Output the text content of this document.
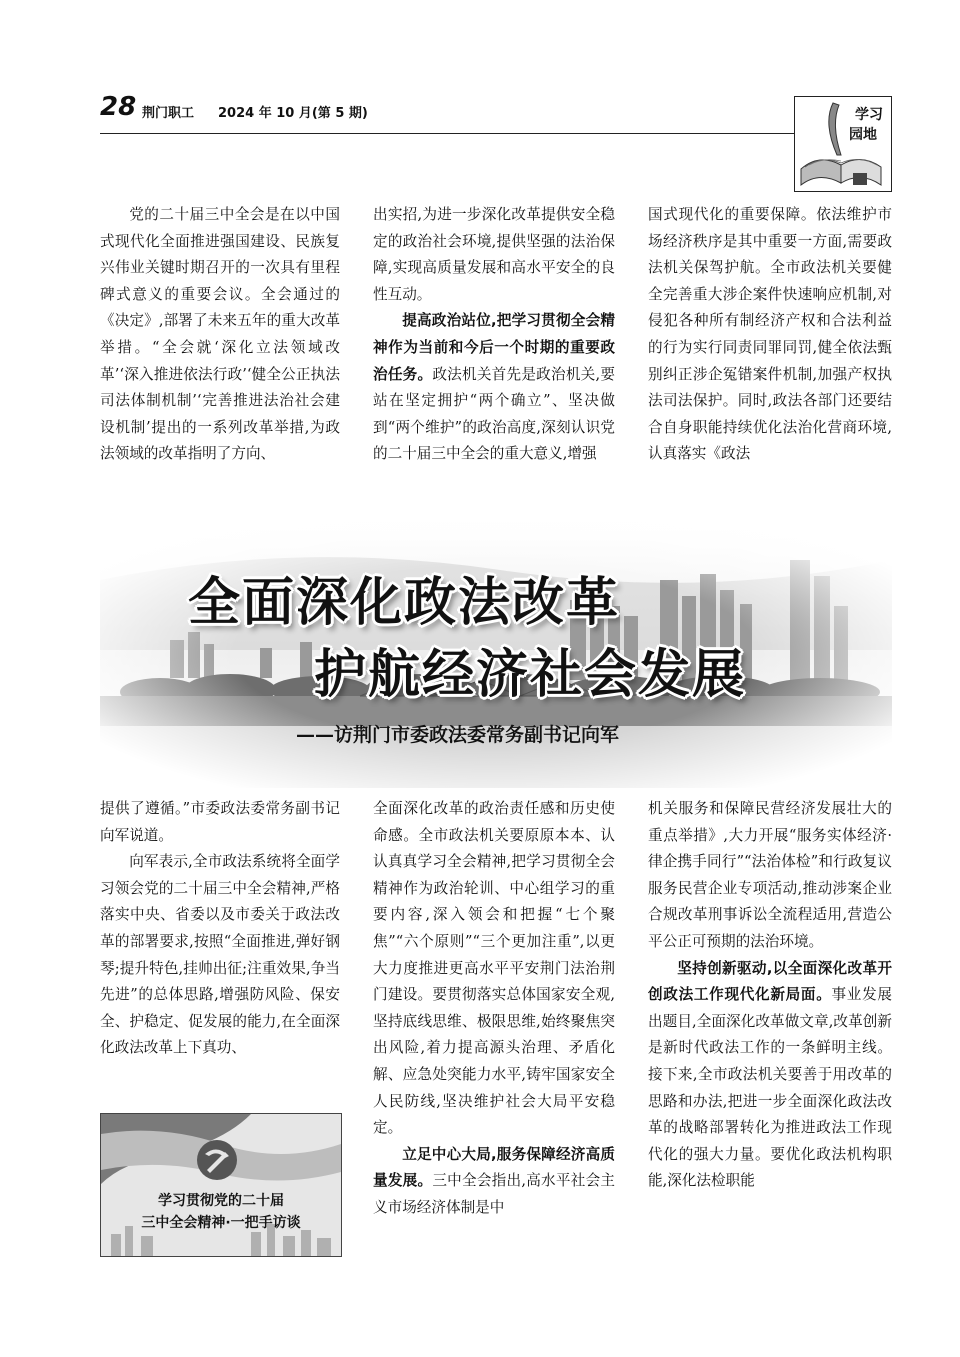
28 荆门职工 2024 年 10 月(第 5 期)	学习
园地

党的二十届三中全会是在以中国式现代化全面推进强国建设、民族复兴伟业关键时期召开的一次具有里程碑式意义的重要会议。全会通过的《决定》,部署了未来五年的重大改革举措。“全会就‘深化立法领域改革’‘深入推进依法行政’‘健全公正执法司法体制机制’‘完善推进法治社会建设机制’提出的一系列改革举措,为政法领域的改革指明了方向、

出实招,为进一步深化改革提供安全稳定的政治社会环境,提供坚强的法治保障,实现高质量发展和高水平安全的良性互动。

提高政治站位,把学习贯彻全会精神作为当前和今后一个时期的重要政治任务。政法机关首先是政治机关,要站在坚定拥护“两个确立”、坚决做到“两个维护”的政治高度,深刻认识党的二十届三中全会的重大意义,增强

国式现代化的重要保障。依法维护市场经济秩序是其中重要一方面,需要政法机关保驾护航。全市政法机关要健全完善重大涉企案件快速响应机制,对侵犯各种所有制经济产权和合法利益的行为实行同责同罪同罚,健全依法甄别纠正涉企冤错案件机制,加强产权执法司法保护。同时,政法各部门还要结合自身职能持续优化法治化营商环境,认真落实《政法

全面深化政法改革
护航经济社会发展
——访荆门市委政法委常务副书记向军

提供了遵循。”市委政法委常务副书记向军说道。

向军表示,全市政法系统将全面学习领会党的二十届三中全会精神,严格落实中央、省委以及市委关于政法改革的部署要求,按照“全面推进,弹好钢琴;提升特色,挂帅出征;注重效果,争当先进”的总体思路,增强防风险、保安全、护稳定、促发展的能力,在全面深化政法改革上下真功、

全面深化改革的政治责任感和历史使命感。全市政法机关要原原本本、认认真真学习全会精神,把学习贯彻全会精神作为政治轮训、中心组学习的重要内容,深入领会和把握“七个聚焦”“六个原则”“三个更加注重”,以更大力度推进更高水平平安荆门法治荆门建设。要贯彻落实总体国家安全观,坚持底线思维、极限思维,始终聚焦突出风险,着力提高源头治理、矛盾化解、应急处突能力水平,铸牢国家安全人民防线,坚决维护社会大局平安稳定。

立足中心大局,服务保障经济高质量发展。三中全会指出,高水平社会主义市场经济体制是中

机关服务和保障民营经济发展壮大的重点举措》,大力开展“服务实体经济·律企携手同行”“法治体检”和行政复议服务民营企业专项活动,推动涉案企业合规改革刑事诉讼全流程适用,营造公平公正可预期的法治环境。

坚持创新驱动,以全面深化改革开创政法工作现代化新局面。事业发展出题目,全面深化改革做文章,改革创新是新时代政法工作的一条鲜明主线。接下来,全市政法机关要善于用改革的思路和办法,把进一步全面深化政法改革的战略部署转化为推进政法工作现代化的强大力量。要优化政法机构职能,深化法检职能

学习贯彻党的二十届
三中全会精神·一把手访谈
